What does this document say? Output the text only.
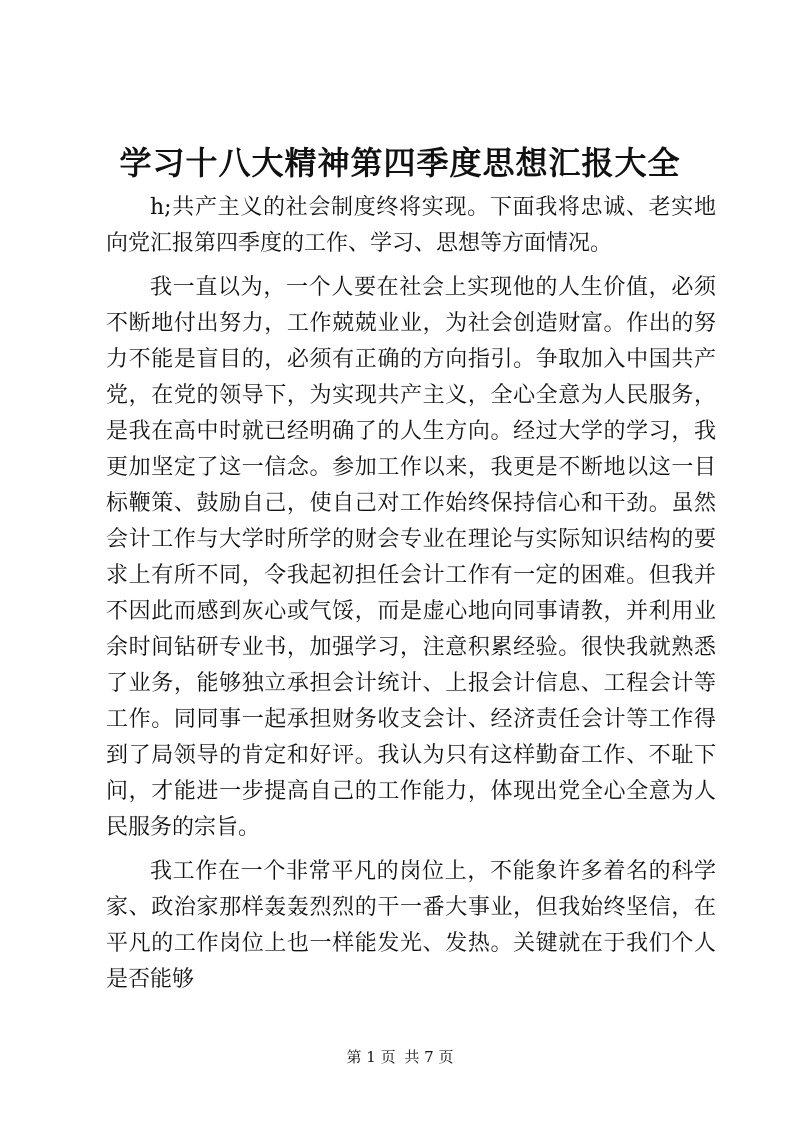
学习十八大精神第四季度思想汇报大全

h;共产主义的社会制度终将实现。下面我将忠诚、老实地向党汇报第四季度的工作、学习、思想等方面情况。

我一直以为，一个人要在社会上实现他的人生价值，必须不断地付出努力，工作兢兢业业，为社会创造财富。作出的努力不能是盲目的，必须有正确的方向指引。争取加入中国共产党，在党的领导下，为实现共产主义，全心全意为人民服务，是我在高中时就已经明确了的人生方向。经过大学的学习，我更加坚定了这一信念。参加工作以来，我更是不断地以这一目标鞭策、鼓励自己，使自己对工作始终保持信心和干劲。虽然会计工作与大学时所学的财会专业在理论与实际知识结构的要求上有所不同，令我起初担任会计工作有一定的困难。但我并不因此而感到灰心或气馁，而是虚心地向同事请教，并利用业余时间钻研专业书，加强学习，注意积累经验。很快我就熟悉了业务，能够独立承担会计统计、上报会计信息、工程会计等工作。同同事一起承担财务收支会计、经济责任会计等工作得到了局领导的肯定和好评。我认为只有这样勤奋工作、不耻下问，才能进一步提高自己的工作能力，体现出党全心全意为人民服务的宗旨。

我工作在一个非常平凡的岗位上，不能象许多着名的科学家、政治家那样轰轰烈烈的干一番大事业，但我始终坚信，在平凡的工作岗位上也一样能发光、发热。关键就在于我们个人是否能够

第 1 页 共 7 页
